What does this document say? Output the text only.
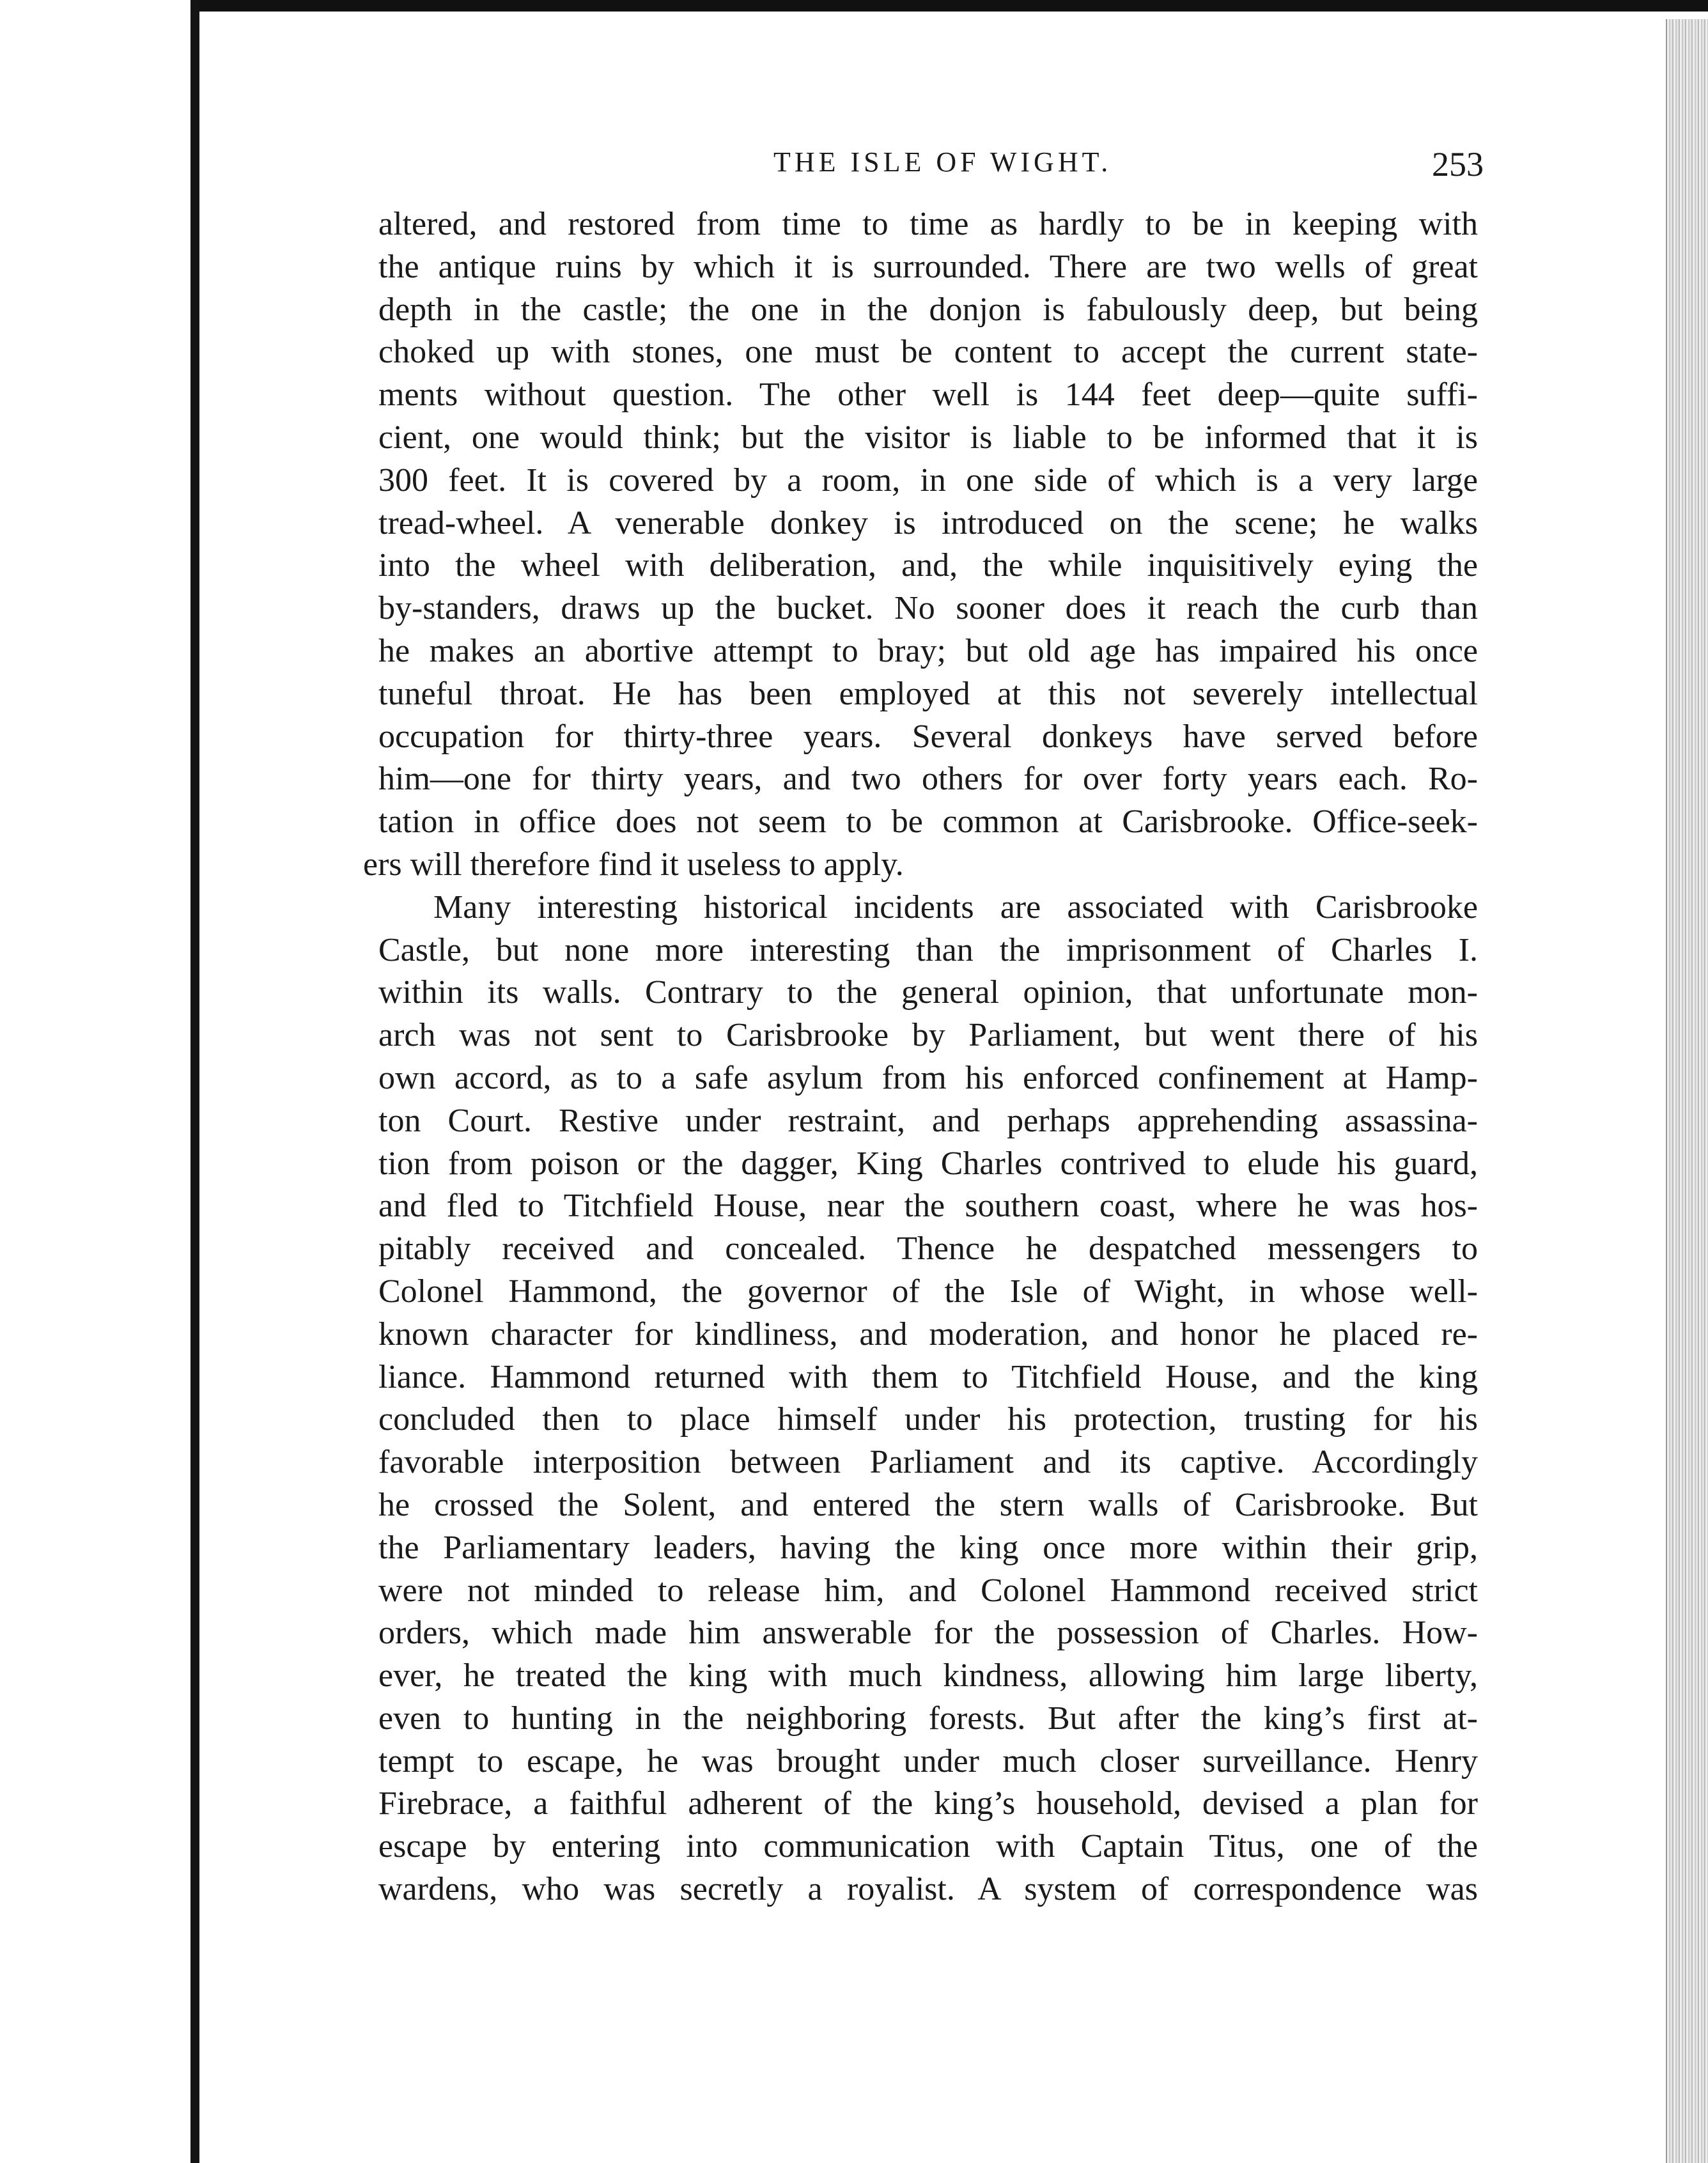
THE ISLE OF WIGHT.	253
altered, and restored from time to time as hardly to be in keeping with
the antique ruins by which it is surrounded. There are two wells of great
depth in the castle; the one in the donjon is fabulously deep, but being
choked up with stones, one must be content to accept the current state-
ments without question. The other well is 144 feet deep—quite suffi-
cient, one would think; but the visitor is liable to be informed that it is
300 feet. It is covered by a room, in one side of which is a very large
tread-wheel. A venerable donkey is introduced on the scene; he walks
into the wheel with deliberation, and, the while inquisitively eying the
by-standers, draws up the bucket. No sooner does it reach the curb than
he makes an abortive attempt to bray; but old age has impaired his once
tuneful throat. He has been employed at this not severely intellectual
occupation for thirty-three years. Several donkeys have served before
him—one for thirty years, and two others for over forty years each. Ro-
tation in office does not seem to be common at Carisbrooke. Office-seek-
ers will therefore find it useless to apply.
Many interesting historical incidents are associated with Carisbrooke
Castle, but none more interesting than the imprisonment of Charles I.
within its walls. Contrary to the general opinion, that unfortunate mon-
arch was not sent to Carisbrooke by Parliament, but went there of his
own accord, as to a safe asylum from his enforced confinement at Hamp-
ton Court. Restive under restraint, and perhaps apprehending assassina-
tion from poison or the dagger, King Charles contrived to elude his guard,
and fled to Titchfield House, near the southern coast, where he was hos-
pitably received and concealed. Thence he despatched messengers to
Colonel Hammond, the governor of the Isle of Wight, in whose well-
known character for kindliness, and moderation, and honor he placed re-
liance. Hammond returned with them to Titchfield House, and the king
concluded then to place himself under his protection, trusting for his
favorable interposition between Parliament and its captive. Accordingly
he crossed the Solent, and entered the stern walls of Carisbrooke. But
the Parliamentary leaders, having the king once more within their grip,
were not minded to release him, and Colonel Hammond received strict
orders, which made him answerable for the possession of Charles. How-
ever, he treated the king with much kindness, allowing him large liberty,
even to hunting in the neighboring forests. But after the king’s first at-
tempt to escape, he was brought under much closer surveillance. Henry
Firebrace, a faithful adherent of the king’s household, devised a plan for
escape by entering into communication with Captain Titus, one of the
wardens, who was secretly a royalist. A system of correspondence was
